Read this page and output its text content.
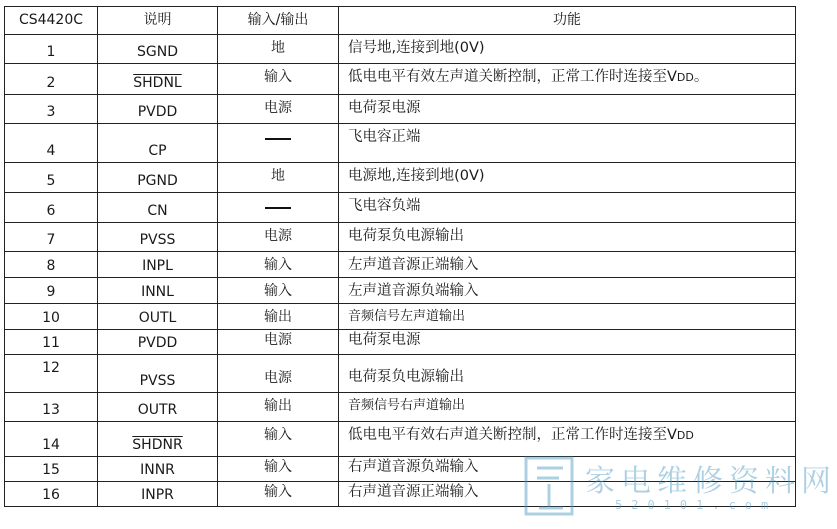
CS4420C	说明	输入/输出	功能
1	SGND	地	信号地,连接到地(0V)
2	SHDNL	输入	低电电平有效左声道关断控制，正常工作时连接至VDD。
3	PVDD	电源	电荷泵电源
4	CP		飞电容正端
5	PGND	地	电源地,连接到地(0V)
6	CN		飞电容负端
7	PVSS	电源	电荷泵负电源输出
8	INPL	输入	左声道音源正端输入
9	INNL	输入	左声道音源负端输入
10	OUTL	输出	音频信号左声道输出
11	PVDD	电源	电荷泵电源
12	PVSS	电源	电荷泵负电源输出
13	OUTR	输出	音频信号右声道输出
14	SHDNR	输入	低电电平有效右声道关断控制，正常工作时连接至VDD
15	INNR	输入	右声道音源负端输入
16	INPR	输入	右声道音源正端输入	家电维修资料网
520101.com
